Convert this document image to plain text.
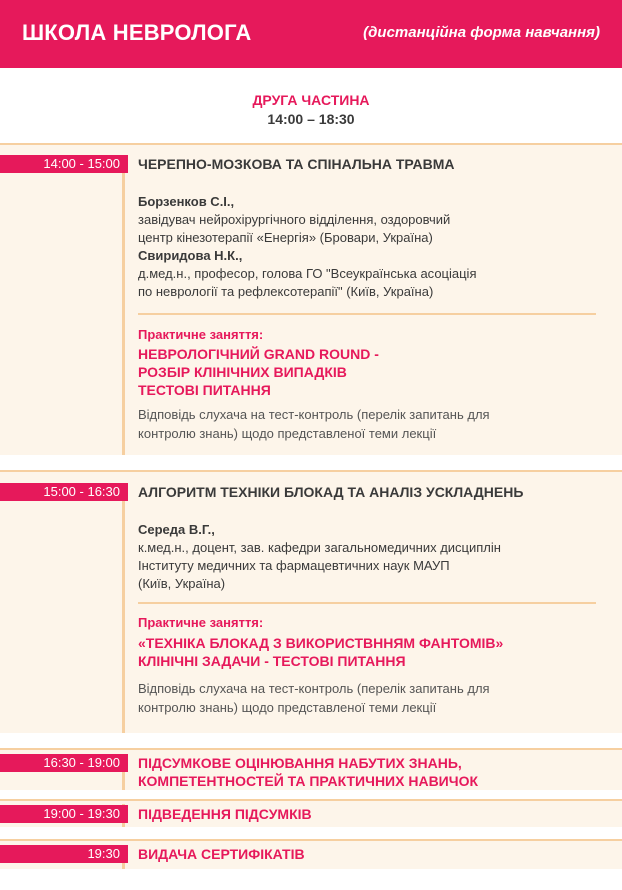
ШКОЛА НЕВРОЛОГА	(дистанційна форма навчання)
ДРУГА ЧАСТИНА
14:00 – 18:30
14:00 - 15:00	ЧЕРЕПНО-МОЗКОВА ТА СПІНАЛЬНА ТРАВМА
Борзенков С.І.,
завідувач нейрохірургічного відділення, оздоровчий
центр кінезотерапії «Енергія» (Бровари, Україна)
Свиридова Н.К.,
д.мед.н., професор, голова ГО "Всеукраїнська асоціація
по неврології та рефлексотерапії" (Київ, Україна)
Практичне заняття:
НЕВРОЛОГІЧНИЙ GRAND ROUND -
РОЗБІР КЛІНІЧНИХ ВИПАДКІВ
ТЕСТОВІ ПИТАННЯ
Відповідь слухача на тест-контроль (перелік запитань для
контролю знань) щодо представленої теми лекції
15:00 - 16:30	АЛГОРИТМ ТЕХНІКИ БЛОКАД ТА АНАЛІЗ УСКЛАДНЕНЬ
Середа В.Г.,
к.мед.н., доцент, зав. кафедри загальномедичних дисциплін
Інституту медичних та фармацевтичних наук МАУП
(Київ, Україна)
Практичне заняття:
«ТЕХНІКА БЛОКАД З ВИКОРИСТВННЯМ ФАНТОМІВ»
КЛІНІЧНІ ЗАДАЧИ - ТЕСТОВІ ПИТАННЯ
Відповідь слухача на тест-контроль (перелік запитань для
контролю знань) щодо представленої теми лекції
16:30 - 19:00	ПІДСУМКОВЕ ОЦІНЮВАННЯ НАБУТИХ ЗНАНЬ,
КОМПЕТЕНТНОСТЕЙ ТА ПРАКТИЧНИХ НАВИЧОК
19:00 - 19:30	ПІДВЕДЕННЯ ПІДСУМКІВ
19:30	ВИДАЧА СЕРТИФІКАТІВ
